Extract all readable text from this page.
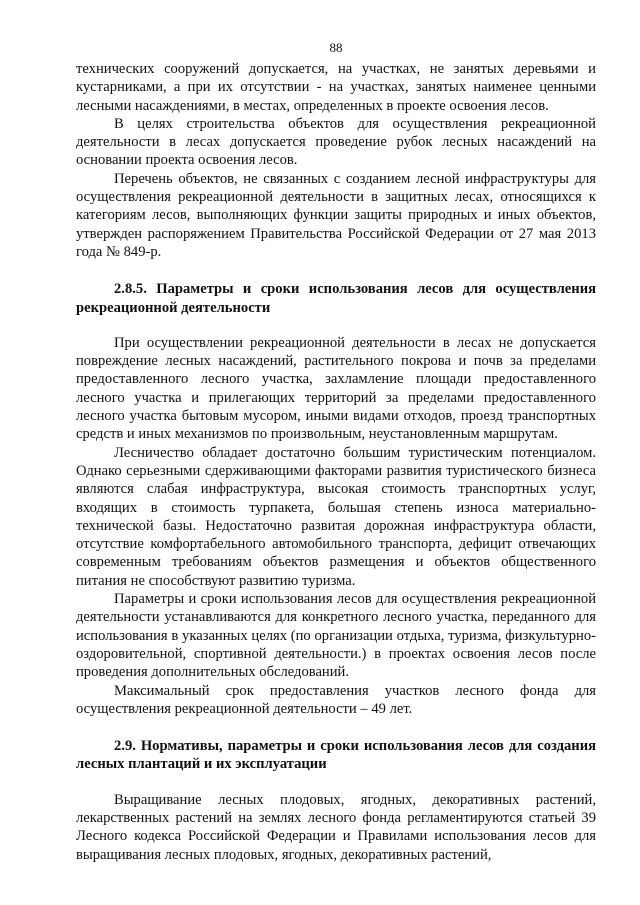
88

технических сооружений допускается, на участках, не занятых деревьями и кустарниками, а при их отсутствии - на участках, занятых наименее ценными лесными насаждениями, в местах, определенных в проекте освоения лесов.

В целях строительства объектов для осуществления рекреационной деятельности в лесах допускается проведение рубок лесных насаждений на основании проекта освоения лесов.

Перечень объектов, не связанных с созданием лесной инфраструктуры для осуществления рекреационной деятельности в защитных лесах, относящихся к категориям лесов, выполняющих функции защиты природных и иных объектов, утвержден распоряжением Правительства Российской Федерации от 27 мая 2013 года № 849-р.

2.8.5. Параметры и сроки использования лесов для осуществления рекреационной деятельности

При осуществлении рекреационной деятельности в лесах не допускается повреждение лесных насаждений, растительного покрова и почв за пределами предоставленного лесного участка, захламление площади предоставленного лесного участка и прилегающих территорий за пределами предоставленного лесного участка бытовым мусором, иными видами отходов, проезд транспортных средств и иных механизмов по произвольным, неустановленным маршрутам.

Лесничество обладает достаточно большим туристическим потенциалом. Однако серьезными сдерживающими факторами развития туристического бизнеса являются слабая инфраструктура, высокая стоимость транспортных услуг, входящих в стоимость турпакета, большая степень износа материально-технической базы. Недостаточно развитая дорожная инфраструктура области, отсутствие комфортабельного автомобильного транспорта, дефицит отвечающих современным требованиям объектов размещения и объектов общественного питания не способствуют развитию туризма.

Параметры и сроки использования лесов для осуществления рекреационной деятельности устанавливаются для конкретного лесного участка, переданного для использования в указанных целях (по организации отдыха, туризма, физкультурно-оздоровительной, спортивной деятельности.) в проектах освоения лесов после проведения дополнительных обследований.

Максимальный срок предоставления участков лесного фонда для осуществления рекреационной деятельности – 49 лет.

2.9. Нормативы, параметры и сроки использования лесов для создания лесных плантаций и их эксплуатации

Выращивание лесных плодовых, ягодных, декоративных растений, лекарственных растений на землях лесного фонда регламентируются статьей 39 Лесного кодекса Российской Федерации и Правилами использования лесов для выращивания лесных плодовых, ягодных, декоративных растений,
